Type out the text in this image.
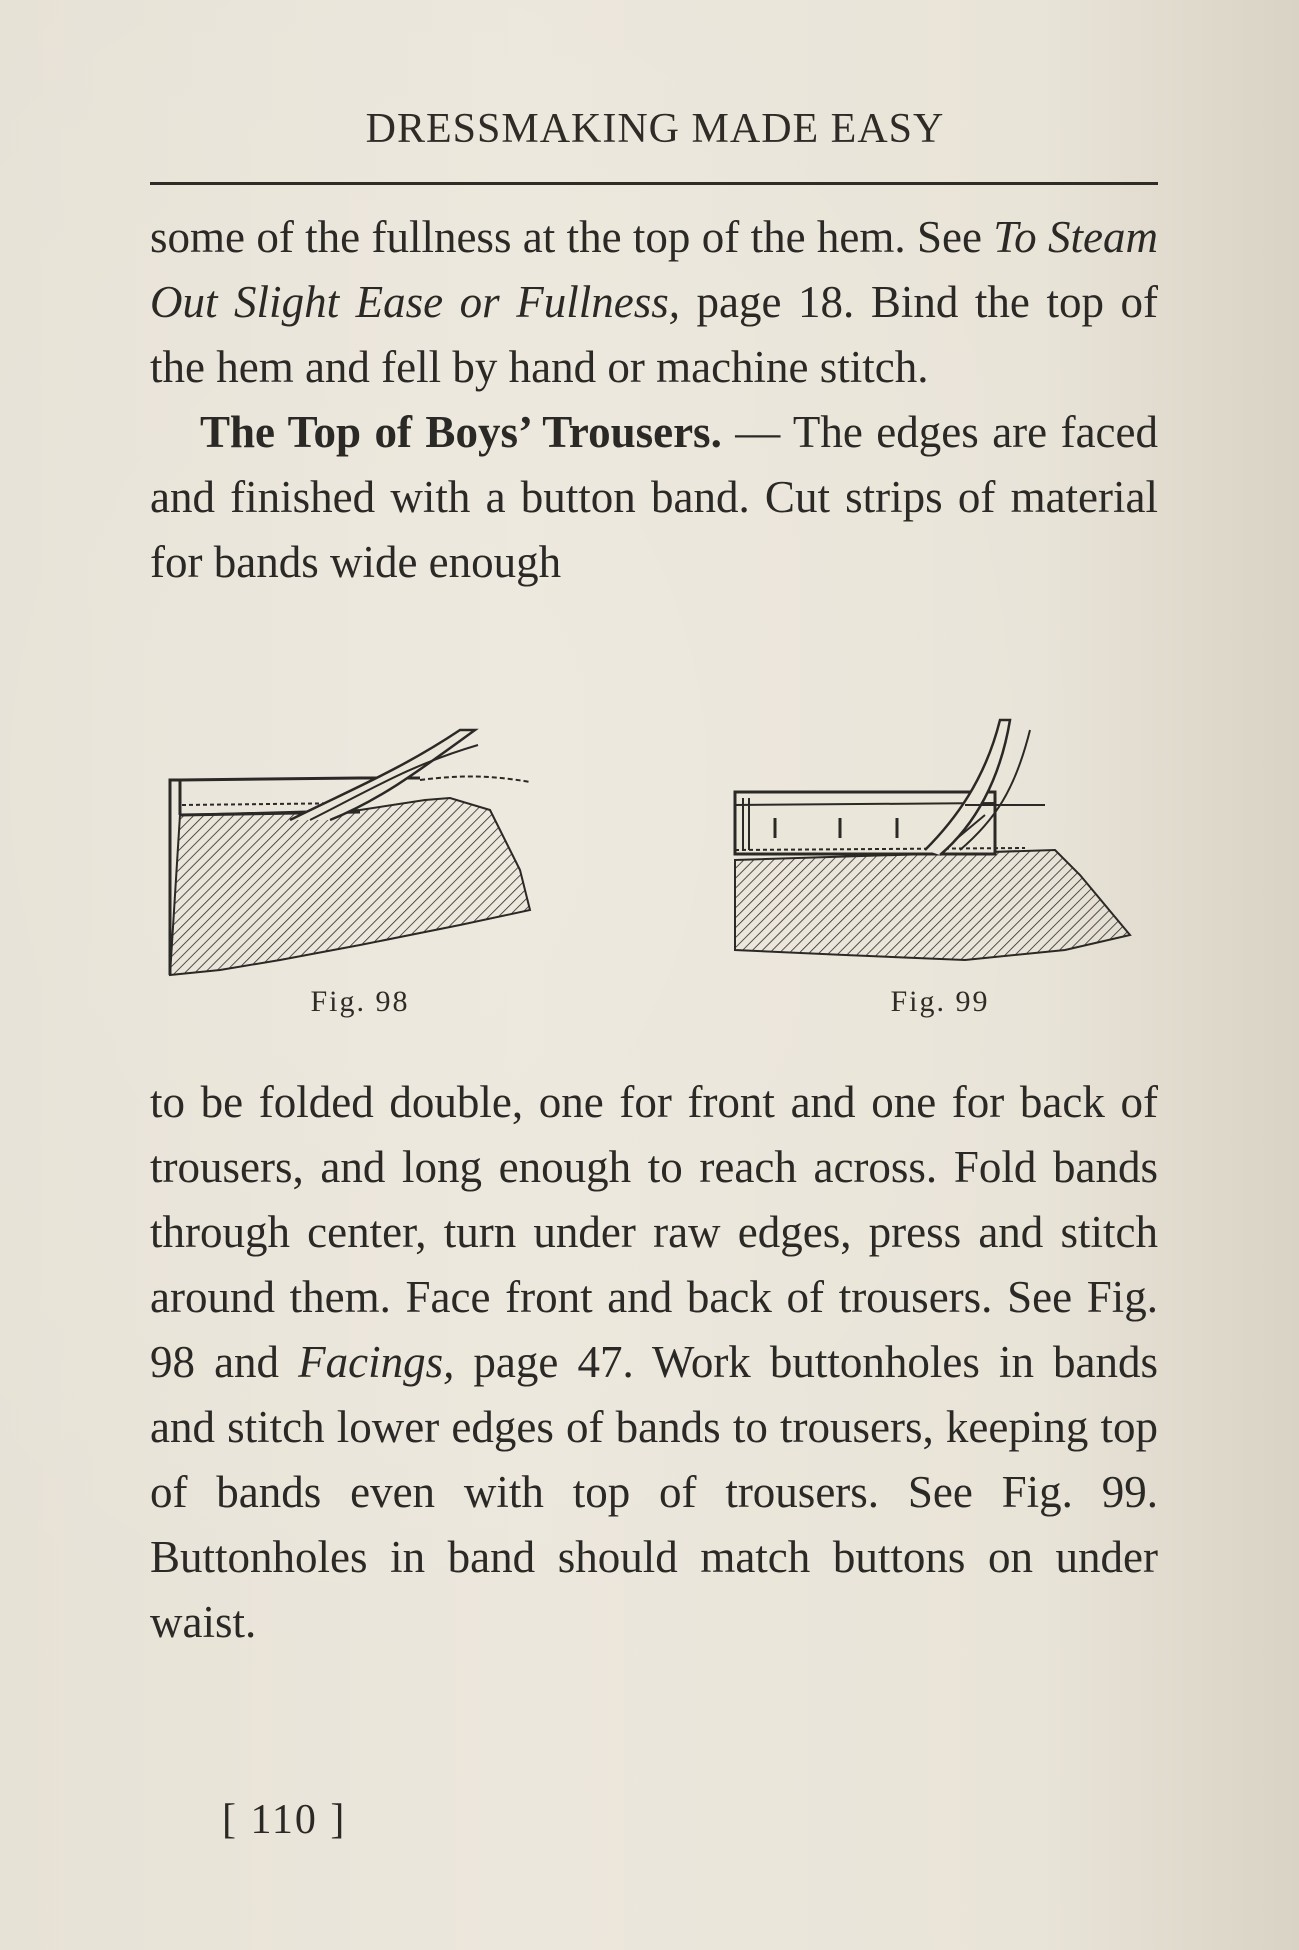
DRESSMAKING MADE EASY

some of the fullness at the top of the hem. See To Steam Out Slight Ease or Fullness, page 18. Bind the top of the hem and fell by hand or machine stitch.

The Top of Boys’ Trousers. — The edges are faced and finished with a button band. Cut strips of material for bands wide enough

Fig. 98	Fig. 99

to be folded double, one for front and one for back of trousers, and long enough to reach across. Fold bands through center, turn under raw edges, press and stitch around them. Face front and back of trousers. See Fig. 98 and Facings, page 47. Work buttonholes in bands and stitch lower edges of bands to trousers, keeping top of bands even with top of trousers. See Fig. 99. Buttonholes in band should match buttons on under waist.

[ 110 ]
